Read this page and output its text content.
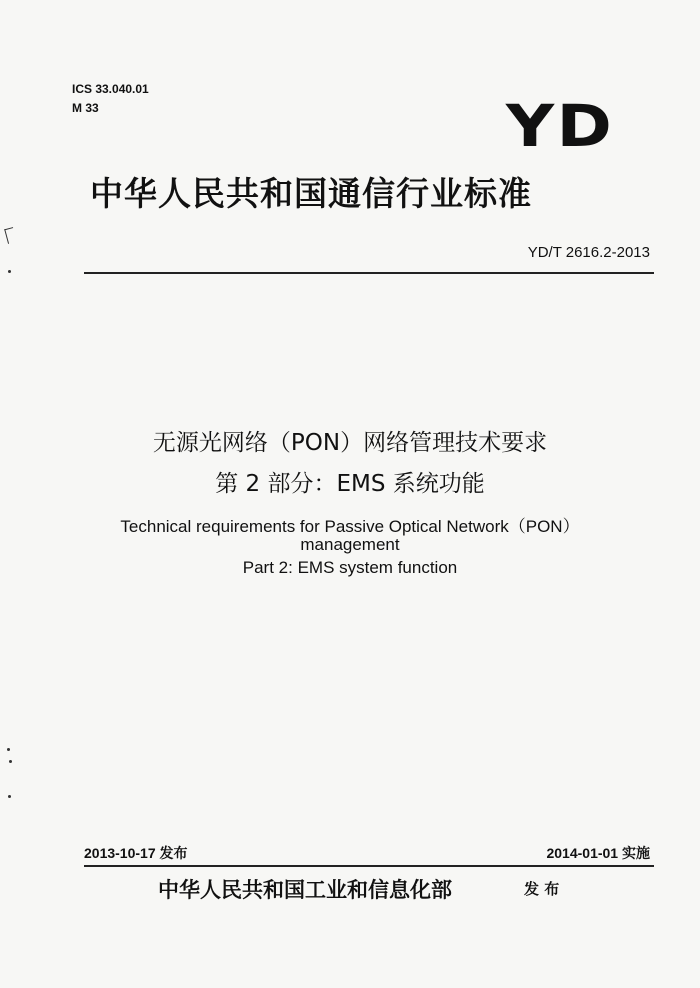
ICS 33.040.01
M 33	YD
中华人民共和国通信行业标准
YD/T 2616.2-2013
无源光网络（PON）网络管理技术要求
第 2 部分：EMS 系统功能
Technical requirements for Passive Optical Network（PON）
management
Part 2: EMS system function
2013-10-17 发布	2014-01-01 实施
中华人民共和国工业和信息化部	发 布
